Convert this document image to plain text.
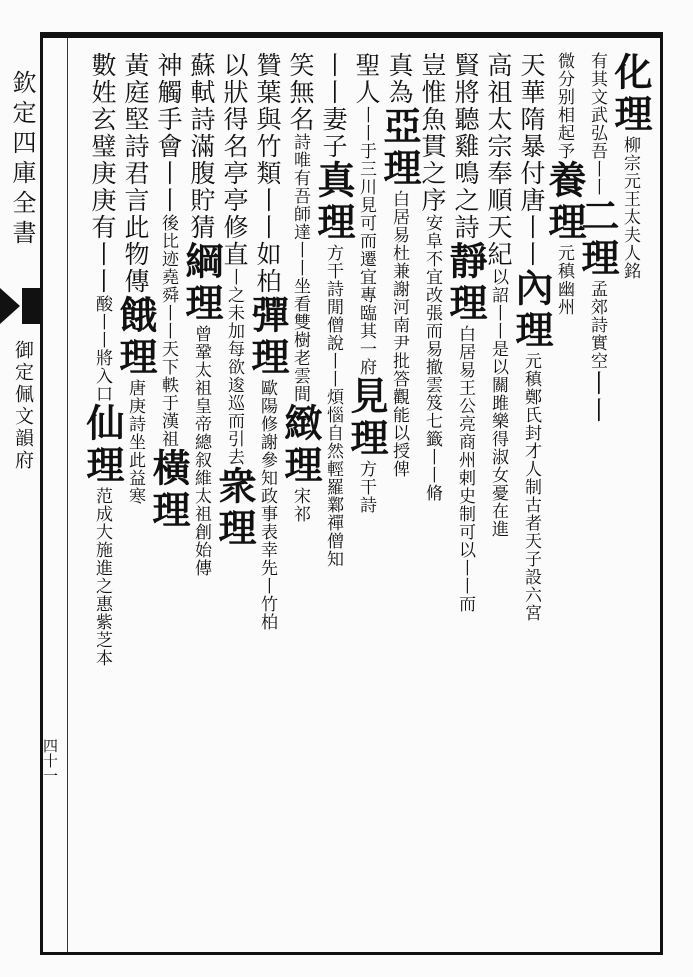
欽定四庫全書
御定佩文韻府
四十一
化理柳宗元王太夫人銘
有其文武弘吾丨丨二理孟郊詩實空丨丨
微分别相起予養理元稹幽州
天華隋暴付唐丨丨內理元稹鄭氏封才人制古者天子設六宮
高祖太宗奉順天紀以詔丨丨是以關雎樂得淑女憂在進
賢將聽雞鳴之詩靜理白居易王公亮商州剌史制可以丨丨而
豈惟魚貫之序安阜不宜改張而易撤雲笈七籤丨丨脩
真為亞理白居易杜兼謝河南尹批答觀能以授俾
聖人丨丨于三川見可而遷宜專臨其一府見理方干詩
丨丨妻子真理方干詩閒僧說丨丨煩惱自然輕羅鄴禪僧知
笑無名詩唯有吾師達丨丨坐看雙樹老雲間緻理宋祁
贊葉與竹類丨丨如柏彈理歐陽修謝參知政事表幸先丨竹柏
以狀得名亭亭修直丨之未加每欲逡巡而引去衆理
蘇軾詩滿腹貯猜綱理曾鞏太祖皇帝總叙維太祖創始傳
神觸手會丨丨後比迹堯舜丨丨天下軼于漢祖橫理
黃庭堅詩君言此物傳餓理唐庚詩坐此益寒
數姓玄璧庚庚有丨丨酸丨丨將入口仙理范成大施進之惠紫芝本
